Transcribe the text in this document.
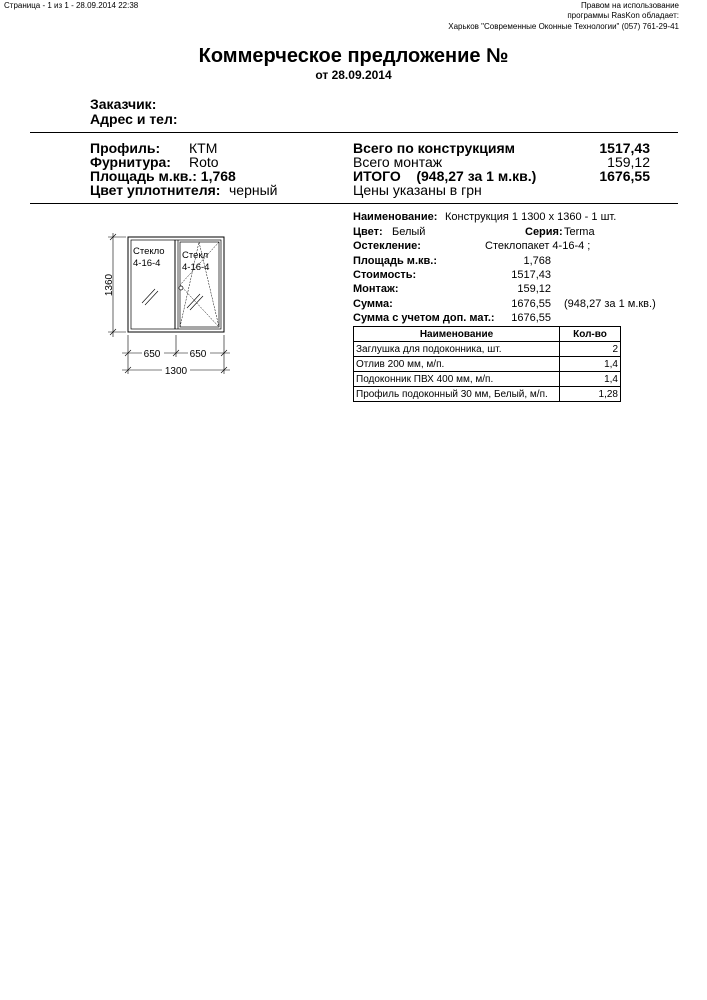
Страница - 1 из 1 - 28.09.2014 22:38	Правом на использование
программы RasKon обладает:
Харьков "Современные Оконные Технологии" (057) 761-29-41
Коммерческое предложение №
от 28.09.2014
Заказчик:
Адрес и тел:
Профиль: КТМ
Фурнитура: Roto
Площадь м.кв.: 1,768
Цвет уплотнителя: черный
Всего по конструкциям	1517,43
Всего монтаж	159,12
ИТОГО    (948,27 за 1 м.кв.)	1676,55
Цены указаны в грн
Стекло
4-16-4
Стекл
4-16-4
1360
650	650
1300
Наименование: Конструкция 1 1300 x 1360 - 1 шт.
Цвет: Белый	Серия: Terma
Остекление:	Стеклопакет 4-16-4 ;
Площадь м.кв.:	1,768
Стоимость:	1517,43
Монтаж:	159,12
Сумма:	1676,55 (948,27 за 1 м.кв.)
Сумма с учетом доп. мат.: 1676,55
Наименование	Кол-во
Заглушка для подоконника, шт.	2
Отлив 200 мм, м/п.	1,4
Подоконник ПВХ 400 мм, м/п.	1,4
Профиль подоконный 30 мм, Белый, м/п.	1,28
